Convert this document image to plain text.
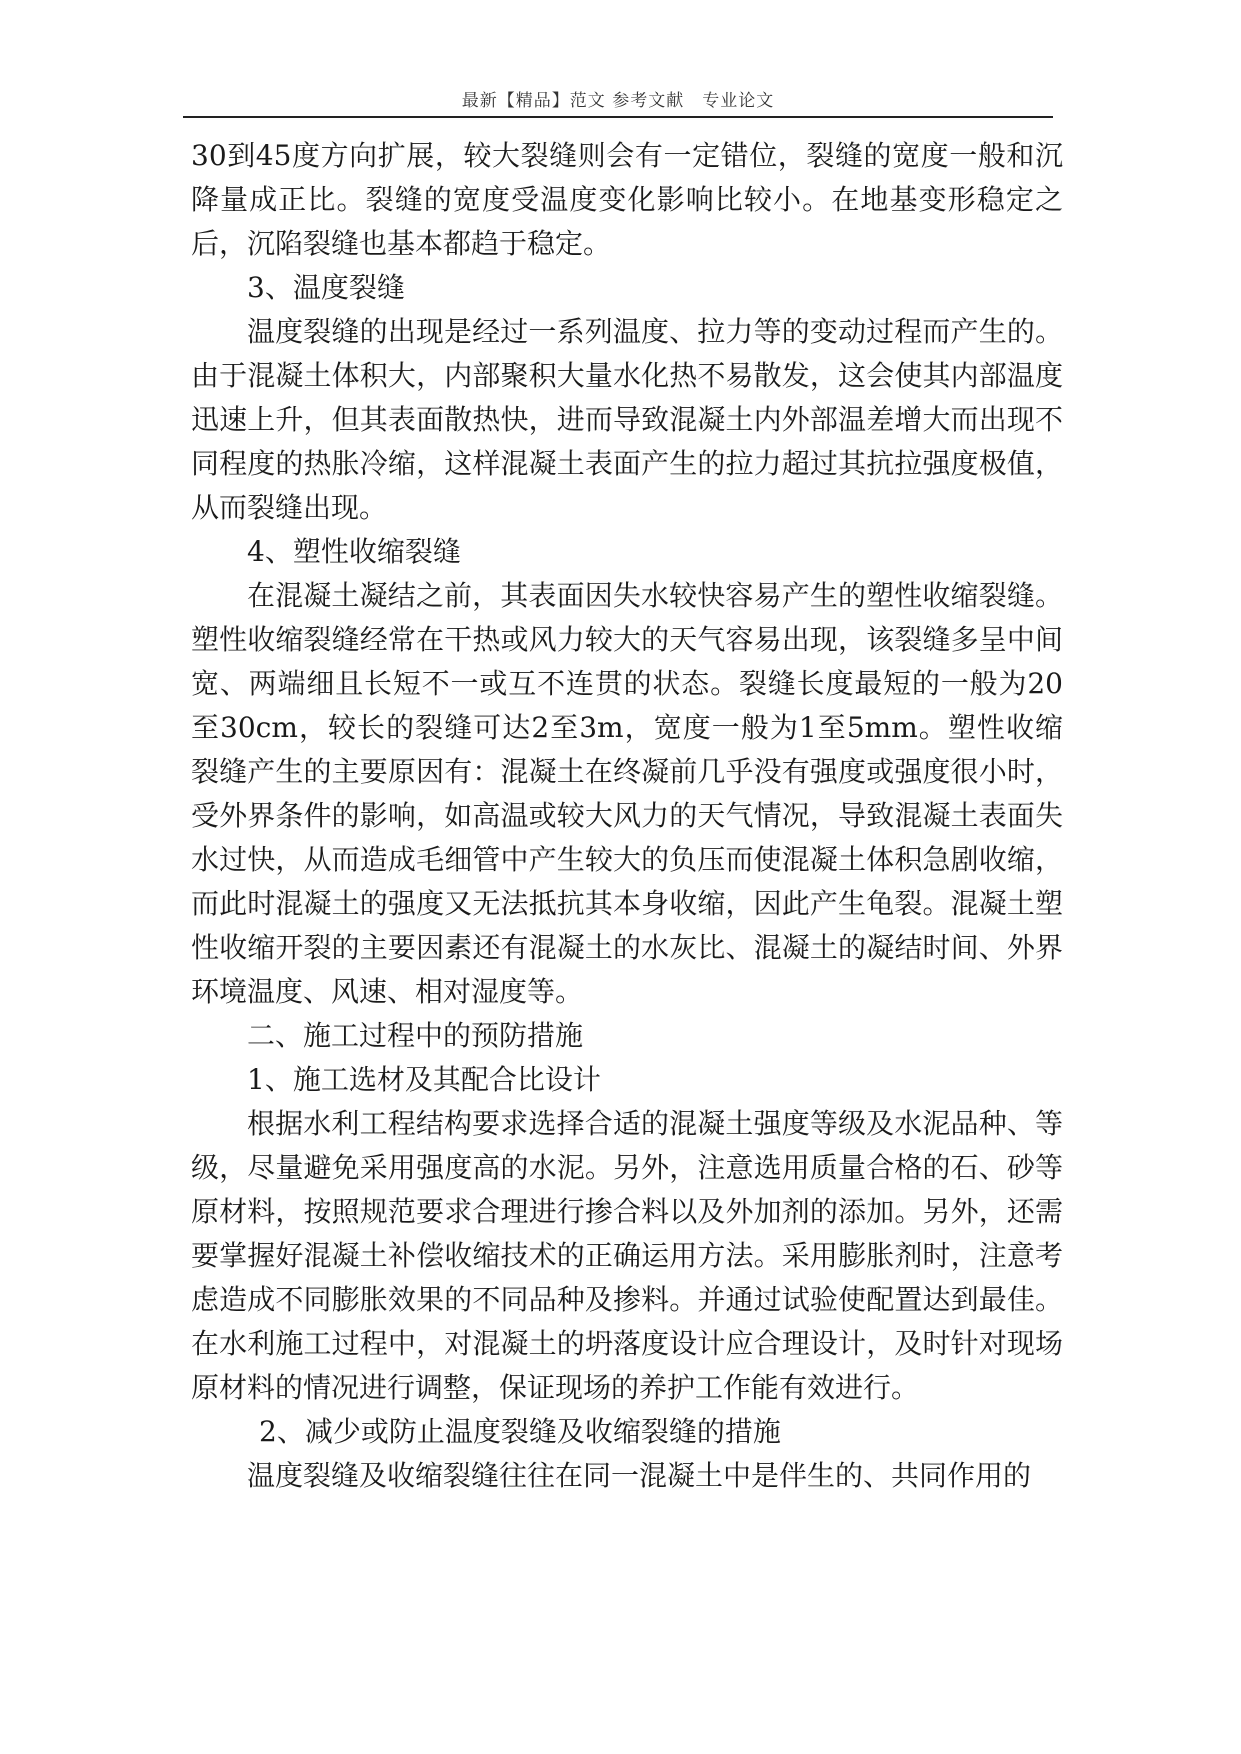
最新【精品】范文 参考文献　专业论文

30到45度方向扩展，较大裂缝则会有一定错位，裂缝的宽度一般和沉降量成正比。裂缝的宽度受温度变化影响比较小。在地基变形稳定之后，沉陷裂缝也基本都趋于稳定。

3、温度裂缝

温度裂缝的出现是经过一系列温度、拉力等的变动过程而产生的。由于混凝土体积大，内部聚积大量水化热不易散发，这会使其内部温度迅速上升，但其表面散热快，进而导致混凝土内外部温差增大而出现不同程度的热胀冷缩，这样混凝土表面产生的拉力超过其抗拉强度极值，从而裂缝出现。

4、塑性收缩裂缝

在混凝土凝结之前，其表面因失水较快容易产生的塑性收缩裂缝。塑性收缩裂缝经常在干热或风力较大的天气容易出现，该裂缝多呈中间宽、两端细且长短不一或互不连贯的状态。裂缝长度最短的一般为20至30cm，较长的裂缝可达2至3m，宽度一般为1至5mm。塑性收缩裂缝产生的主要原因有：混凝土在终凝前几乎没有强度或强度很小时，受外界条件的影响，如高温或较大风力的天气情况，导致混凝土表面失水过快，从而造成毛细管中产生较大的负压而使混凝土体积急剧收缩，而此时混凝土的强度又无法抵抗其本身收缩，因此产生龟裂。混凝土塑性收缩开裂的主要因素还有混凝土的水灰比、混凝土的凝结时间、外界环境温度、风速、相对湿度等。

二、施工过程中的预防措施

1、施工选材及其配合比设计

根据水利工程结构要求选择合适的混凝土强度等级及水泥品种、等级，尽量避免采用强度高的水泥。另外，注意选用质量合格的石、砂等原材料，按照规范要求合理进行掺合料以及外加剂的添加。另外，还需要掌握好混凝土补偿收缩技术的正确运用方法。采用膨胀剂时，注意考虑造成不同膨胀效果的不同品种及掺料。并通过试验使配置达到最佳。在水利施工过程中，对混凝土的坍落度设计应合理设计，及时针对现场原材料的情况进行调整，保证现场的养护工作能有效进行。

2、减少或防止温度裂缝及收缩裂缝的措施

温度裂缝及收缩裂缝往往在同一混凝土中是伴生的、共同作用的
